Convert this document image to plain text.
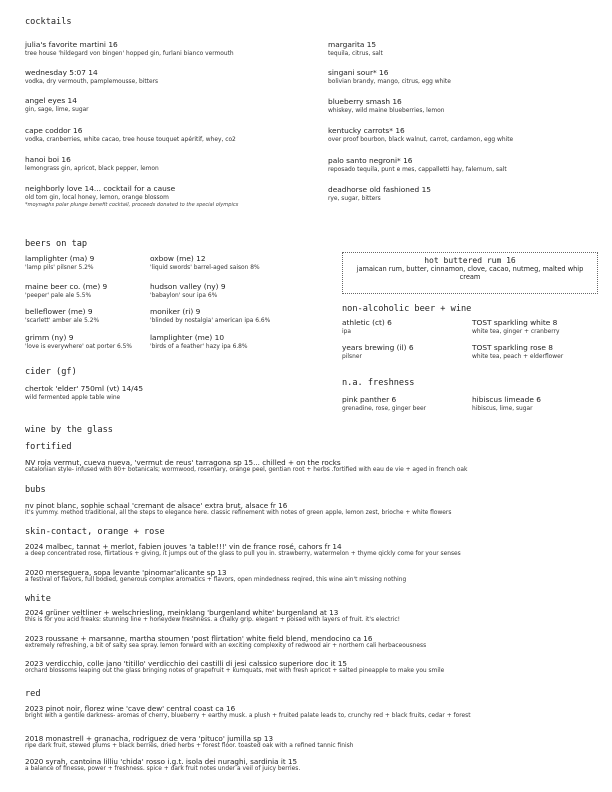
hot buttered rum 16
jamaican rum, butter, cinnamon, clove, cacao, nutmeg, malted whip cream
cocktails
julia's favorite martini 16
tree house 'hildegard von bingen' hopped gin, furlani bianco vermouth
wednesday 5:07 14
vodka, dry vermouth, pamplemousse, bitters
angel eyes 14
gin, sage, lime, sugar
cape coddor 16
vodka, cranberries, white cacao, tree house touquet apéritif, whey, co2
hanoi boi 16
lemongrass gin, apricot, black pepper, lemon
neighborly love 14... cocktail for a cause
old tom gin, local honey, lemon, orange blossom
*moynaghs polar plunge benefit cocktail, proceeds donated to the special olympics
margarita 15
tequila, citrus, salt
singani sour* 16
bolivian brandy, mango, citrus, egg white
blueberry smash 16
whiskey, wild maine blueberries, lemon
kentucky carrots* 16
over proof bourbon, black walnut, carrot, cardamon, egg white
palo santo negroni* 16
reposado tequila, punt e mes, cappalletti hay, falernum, salt
deadhorse old fashioned 15
rye, sugar, bitters
beers on tap
lamplighter (ma) 9
'lamp pils' pilsner 5.2%
oxbow (me) 12
'liquid swords' barrel-aged saison 8%
maine beer co. (me) 9
'peeper' pale ale 5.5%
hudson valley (ny) 9
'babaylon' sour ipa 6%
belleflower (me) 9
'scarlett' amber ale 5.2%
moniker (ri) 9
'blinded by nostalgia' american ipa 6.6%
grimm (ny) 9
'love is everywhere' oat porter 6.5%
lamplighter (me) 10
'birds of a feather' hazy ipa 6.8%
cider (gf)
chertok 'elder' 750ml (vt) 14/45
wild fermented apple table wine
non-alcoholic beer + wine
athletic (ct) 6
ipa
TOST sparkling white 8
white tea, ginger + cranberry
years brewing (il) 6
pilsner
TOST sparkling rose 8
white tea, peach + elderflower
n.a. freshness
pink panther 6
grenadine, rose, ginger beer
hibiscus limeade 6
hibiscus, lime, sugar
wine by the glass
fortified
NV roja vermut, cueva nueva, 'vermut de reus' tarragona sp 15... chilled + on the rocks
catalonian style- infused with 80+ botanicals; wormwood, rosemary, orange peel, gentian root + herbs .fortified with eau de vie + aged in french oak
bubs
nv pinot blanc, sophie schaal 'cremant de alsace' extra brut, alsace fr 16
it's yummy. method traditional, all the steps to elegance here. classic refinement with notes of green apple, lemon zest, brioche + white flowers
skin-contact, orange + rose
2024 malbec, tannat + merlot, fabien jouves 'a table!!!' vin de france rosé, cahors fr 14
a deep concentrated rose, flirtatious + giving, it jumps out of the glass to pull you in. strawberry, watermelon + thyme qickly come for your senses
2020 merseguera, sopa levante 'pinomar'alicante sp 13
a festival of flavors, full bodied, generous complex aromatics + flavors, open mindedness reqired, this wine ain't missing nothing
white
2024 grüner veltliner + welschriesling, meinklang 'burgenland white' burgenland at 13
this is for you acid freaks: stunning line + honeydew freshness. a chalky grip. elegant + poised with layers of fruit. it's electric!
2023 roussane + marsanne, martha stoumen 'post flirtation' white field blend, mendocino ca 16
extremely refreshing, a bit of salty sea spray. lemon forward with an exciting complexity of redwood air + northern cali herbaceousness
2023 verdicchio, colle jano 'titillo' verdicchio dei castilli di jesi calssico superiore doc it 15
orchard blossoms leaping out the glass bringing notes of grapefruit + kumquats, met with fresh apricot + salted pineapple to make you smile
red
2023 pinot noir, florez wine 'cave dew' central coast ca 16
bright with a gentile darkness- aromas of cherry, blueberry + earthy musk. a plush + fruited palate leads to, crunchy red + black fruits, cedar + forest
2018 monastrell + granacha, rodriguez de vera 'pituco' jumilla sp 13
ripe dark fruit, stewed plums + black berries, dried herbs + forest floor. toasted oak with a refined tannic finish
2020 syrah, cantoina lilliu 'chida' rosso i.g.t. isola dei nuraghi, sardinia it 15
a balance of finesse, power + freshness. spice + dark fruit notes under a veil of juicy berries.
